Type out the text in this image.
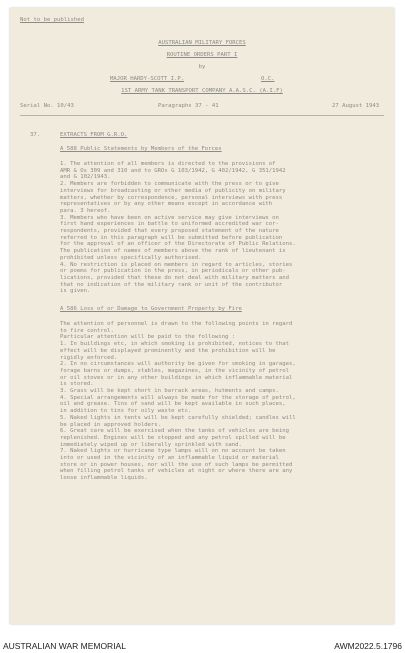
Not to be published
AUSTRALIAN MILITARY FORCES
ROUTINE ORDERS PART I
by
MAJOR HARDY-SCOTT I.P.	O.C.
1ST ARMY TANK TRANSPORT COMPANY A.A.S.C. (A.I.F)
Serial No. 10/43	Paragraphs 37 - 41	27 August 1943
37.	EXTRACTS FROM G.R.O.
A 588 Public Statements by Members of the Forces
1. The attention of all members is directed to the provisions of
AMR & Os 309 and 310 and to GROs G 103/1942, G 402/1942, G 351/1942
and G 102/1943.
2. Members are forbidden to communicate with the press or to give
interviews for broadcasting or other media of publicity on military
matters, whether by correspondence, personal interviews with press
representatives or by any other means except in accordance with
para. 3 hereof.
3. Members who have been on active service may give interviews on
first hand experiences in battle to uniformed accredited war cor-
respondents, provided that every proposed statement of the nature
referred to in this paragraph will be submitted before publication
for the approval of an officer of the Directorate of Public Relations.
The publication of names of members above the rank of lieutenant is
prohibited unless specifically authorised.
4. No restriction is placed on members in regard to articles, stories
or poems for publication in the press, in periodicals or other pub-
lications, provided that these do not deal with military matters and
that no indication of the military rank or unit of the contributor
is given.
A 586 Loss of or Damage to Government Property by Fire
The attention of personnel is drawn to the following points in regard
to fire control.
Particular attention will be paid to the following :
1. In buildings etc, in which smoking is prohibited, notices to that
effect will be displayed prominently and the prohibition will be
rigidly enforced.
2. In no circumstances will authority be given for smoking in garages,
forage barns or dumps, stables, magazines, in the vicinity of petrol
or oil stoves or in any other buildings in which inflammable material
is stored.
3. Grass will be kept short in barrack areas, hutments and camps.
4. Special arrangements will always be made for the storage of petrol,
oil and grease. Tins of sand will be kept available in such places,
in addition to tins for oily waste etc.
5. Naked lights in tents will be kept carefully shielded; candles will
be placed in approved holders.
6. Great care will be exercised when the tanks of vehicles are being
replenished. Engines will be stopped and any petrol spilled will be
immediately wiped up or liberally sprinkled with sand.
7. Naked lights or hurricane type lamps will on no account be taken
into or used in the vicinity of an inflammable liquid or material
store or in power houses, nor will the use of such lamps be permitted
when filling petrol tanks of vehicles at night or where there are any
loose inflammable liquids.
AUSTRALIAN WAR MEMORIAL	AWM2022.5.1796
